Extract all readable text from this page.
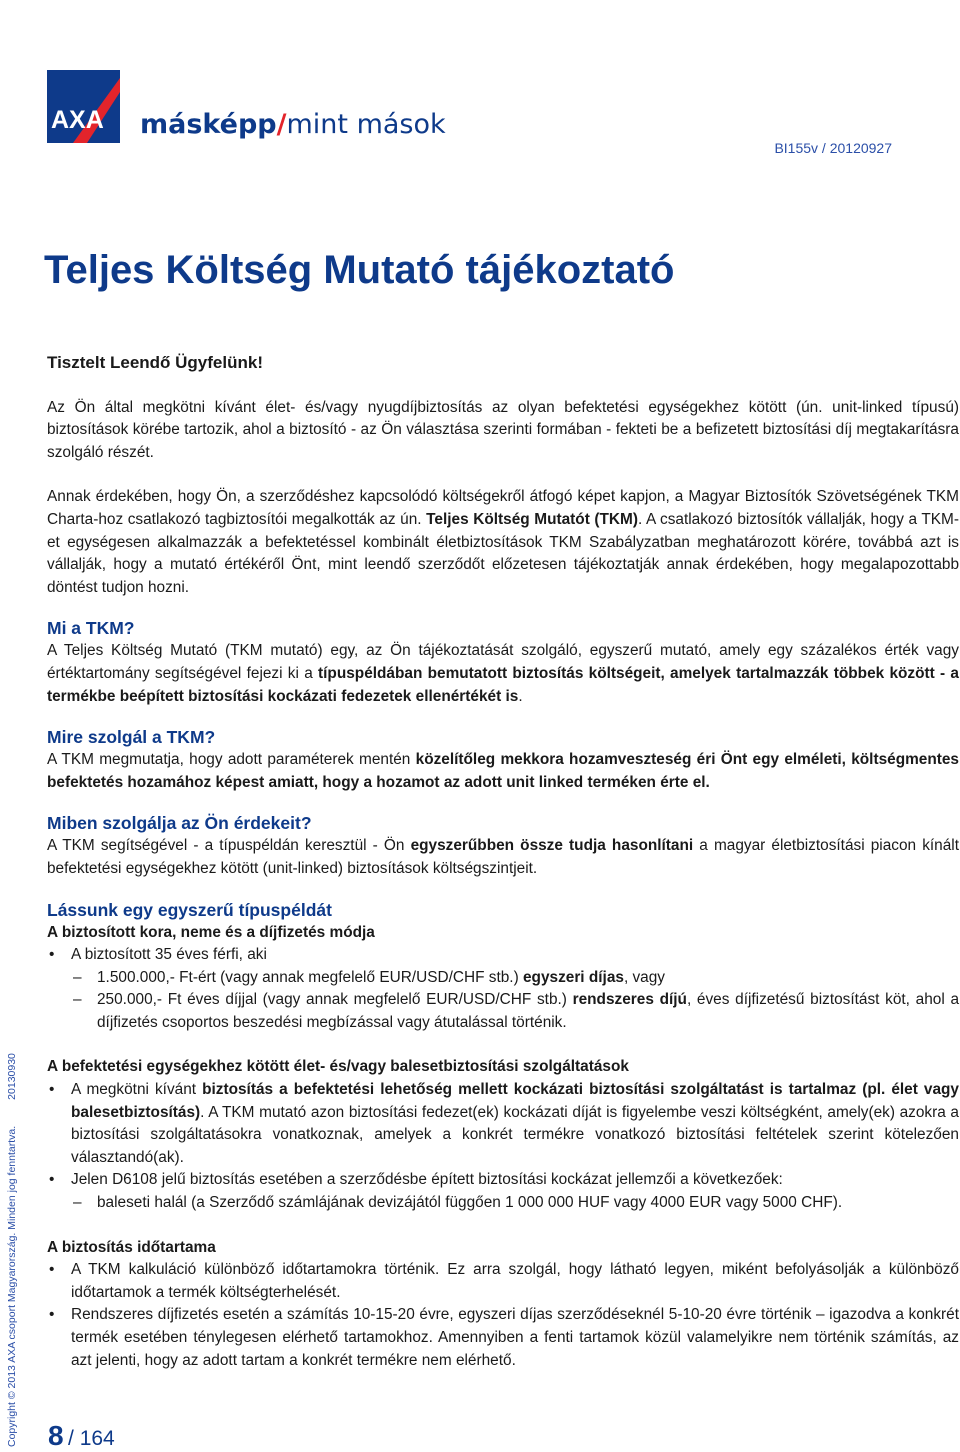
AXA másképp/mint mások
BI155v / 20120927
Teljes Költség Mutató tájékoztató

Tisztelt Leendő Ügyfelünk!

Az Ön által megkötni kívánt élet- és/vagy nyugdíjbiztosítás az olyan befektetési egységekhez kötött (ún. unit-linked típusú) biztosítások körébe tartozik, ahol a biztosító - az Ön választása szerinti formában - fekteti be a befizetett biztosítási díj megtakarításra szolgáló részét.

Annak érdekében, hogy Ön, a szerződéshez kapcsolódó költségekről átfogó képet kapjon, a Magyar Biztosítók Szövetségének TKM Charta-hoz csatlakozó tagbiztosítói megalkották az ún. Teljes Költség Mutatót (TKM). A csatlakozó biztosítók vállalják, hogy a TKM-et egységesen alkalmazzák a befektetéssel kombinált életbiztosítások TKM Szabályzatban meghatározott körére, továbbá azt is vállalják, hogy a mutató értékéről Önt, mint leendő szerződőt előzetesen tájékoztatják annak érdekében, hogy megalapozottabb döntést tudjon hozni.

Mi a TKM?

A Teljes Költség Mutató (TKM mutató) egy, az Ön tájékoztatását szolgáló, egyszerű mutató, amely egy százalékos érték vagy értéktartomány segítségével fejezi ki a típuspéldában bemutatott biztosítás költségeit, amelyek tartalmazzák többek között - a termékbe beépített biztosítási kockázati fedezetek ellenértékét is.

Mire szolgál a TKM?

A TKM megmutatja, hogy adott paraméterek mentén közelítőleg mekkora hozamveszteség éri Önt egy elméleti, költségmentes befektetés hozamához képest amiatt, hogy a hozamot az adott unit linked terméken érte el.

Miben szolgálja az Ön érdekeit?

A TKM segítségével - a típuspéldán keresztül - Ön egyszerűbben össze tudja hasonlítani a magyar életbiztosítási piacon kínált befektetési egységekhez kötött (unit-linked) biztosítások költségszintjeit.

Lássunk egy egyszerű típuspéldát
A biztosított kora, neme és a díjfizetés módja
• A biztosított 35 éves férfi, aki
– 1.500.000,- Ft-ért (vagy annak megfelelő EUR/USD/CHF stb.) egyszeri díjas, vagy
– 250.000,- Ft éves díjjal (vagy annak megfelelő EUR/USD/CHF stb.) rendszeres díjú, éves díjfizetésű biztosítást köt, ahol a díjfizetés csoportos beszedési megbízással vagy átutalással történik.
A befektetési egységekhez kötött élet- és/vagy balesetbiztosítási szolgáltatások
• A megkötni kívánt biztosítás a befektetési lehetőség mellett kockázati biztosítási szolgáltatást is tartalmaz (pl. élet vagy balesetbiztosítás). A TKM mutató azon biztosítási fedezet(ek) kockázati díját is figyelembe veszi költségként, amely(ek) azokra a biztosítási szolgáltatásokra vonatkoznak, amelyek a konkrét termékre vonatkozó biztosítási feltételek szerint kötelezően választandó(ak).
• Jelen D6108 jelű biztosítás esetében a szerződésbe épített biztosítási kockázat jellemzői a következőek:
– baleseti halál (a Szerződő számlájának devizájától függően 1 000 000 HUF vagy 4000 EUR vagy 5000 CHF).
A biztosítás időtartama
• A TKM kalkuláció különböző időtartamokra történik. Ez arra szolgál, hogy látható legyen, miként befolyásolják a különböző időtartamok a termék költségterhelését.
• Rendszeres díjfizetés esetén a számítás 10-15-20 évre, egyszeri díjas szerződéseknél 5-10-20 évre történik – igazodva a konkrét termék esetében ténylegesen elérhető tartamokhoz. Amennyiben a fenti tartamok közül valamelyikre nem történik számítás, az azt jelenti, hogy az adott tartam a konkrét termékre nem elérhető.
Copyright © 2013 AXA csoport Magyarország. Minden jog fenntartva.20130930
8 / 164
